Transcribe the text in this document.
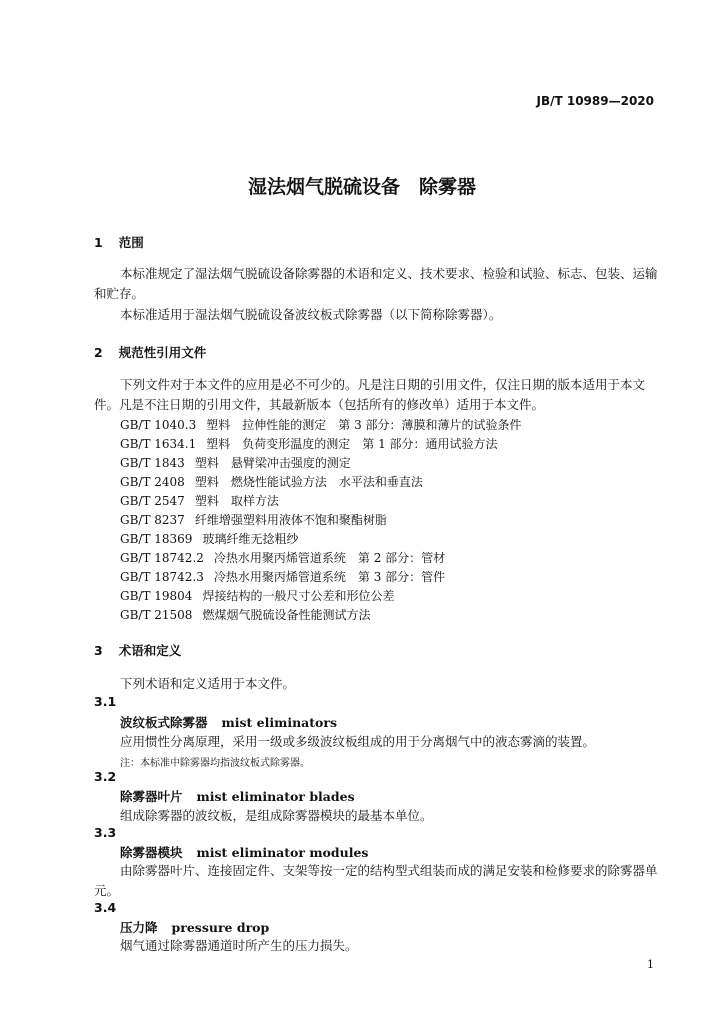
JB/T 10989—2020
湿法烟气脱硫设备　除雾器
1 范围
本标准规定了湿法烟气脱硫设备除雾器的术语和定义、技术要求、检验和试验、标志、包装、运输和贮存。
本标准适用于湿法烟气脱硫设备波纹板式除雾器（以下简称除雾器）。
2 规范性引用文件
下列文件对于本文件的应用是必不可少的。凡是注日期的引用文件，仅注日期的版本适用于本文件。凡是不注日期的引用文件，其最新版本（包括所有的修改单）适用于本文件。
GB/T 1040.3 塑料　拉伸性能的测定　第 3 部分：薄膜和薄片的试验条件
GB/T 1634.1 塑料　负荷变形温度的测定　第 1 部分：通用试验方法
GB/T 1843 塑料　悬臂梁冲击强度的测定
GB/T 2408 塑料　燃烧性能试验方法　水平法和垂直法
GB/T 2547 塑料　取样方法
GB/T 8237 纤维增强塑料用液体不饱和聚酯树脂
GB/T 18369 玻璃纤维无捻粗纱
GB/T 18742.2 冷热水用聚丙烯管道系统　第 2 部分：管材
GB/T 18742.3 冷热水用聚丙烯管道系统　第 3 部分：管件
GB/T 19804 焊接结构的一般尺寸公差和形位公差
GB/T 21508 燃煤烟气脱硫设备性能测试方法
3 术语和定义
下列术语和定义适用于本文件。
3.1
波纹板式除雾器 mist eliminators
应用惯性分离原理，采用一级或多级波纹板组成的用于分离烟气中的液态雾滴的装置。
注：本标准中除雾器均指波纹板式除雾器。
3.2
除雾器叶片 mist eliminator blades
组成除雾器的波纹板，是组成除雾器模块的最基本单位。
3.3
除雾器模块 mist eliminator modules
由除雾器叶片、连接固定件、支架等按一定的结构型式组装而成的满足安装和检修要求的除雾器单元。
3.4
压力降 pressure drop
烟气通过除雾器通道时所产生的压力损失。
1
